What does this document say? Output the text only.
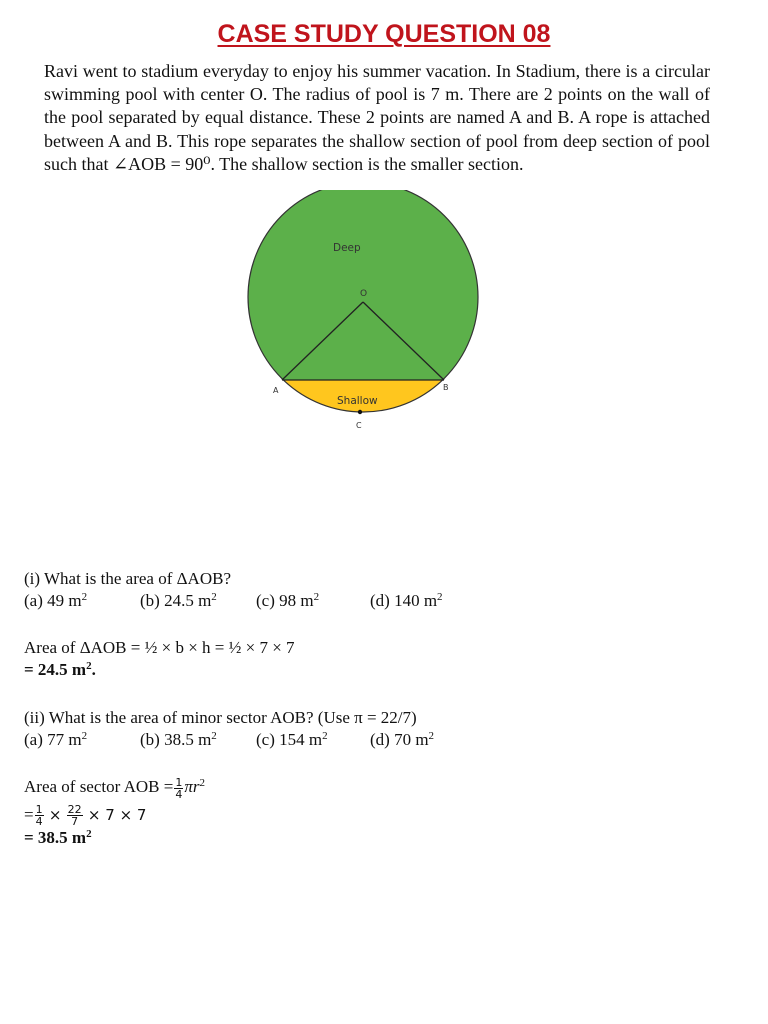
CASE STUDY QUESTION 08
Ravi went to stadium everyday to enjoy his summer vacation. In Stadium, there is a circular swimming pool with center O. The radius of pool is 7 m. There are 2 points on the wall of the pool separated by equal distance. These 2 points are named A and B. A rope is attached between A and B. This rope separates the shallow section of pool from deep section of pool such that ∠AOB = 90⁰. The shallow section is the smaller section.
Deep
O
A	B
Shallow
C
(i) What is the area of ΔAOB?
(a) 49 $m^2$	(b) 24.5 $m^2$	(c) 98 $m^2$	(d) 140 $m^2$
Area of ΔAOB = ½ × b × h = ½ × 7 × 7
= 24.5 $m^2$.
(ii) What is the area of minor sector AOB? (Use π = 22/7)
(a) 77 $m^2$	(b) 38.5 $m^2$	(c) 154 $m^2$	(d) 70 $m^2$
Area of sector AOB = $\frac{1}{4} \pi r^2$
= $\frac{1}{4} \times \frac{22}{7} \times 7 \times 7$
= 38.5 $m^2$
